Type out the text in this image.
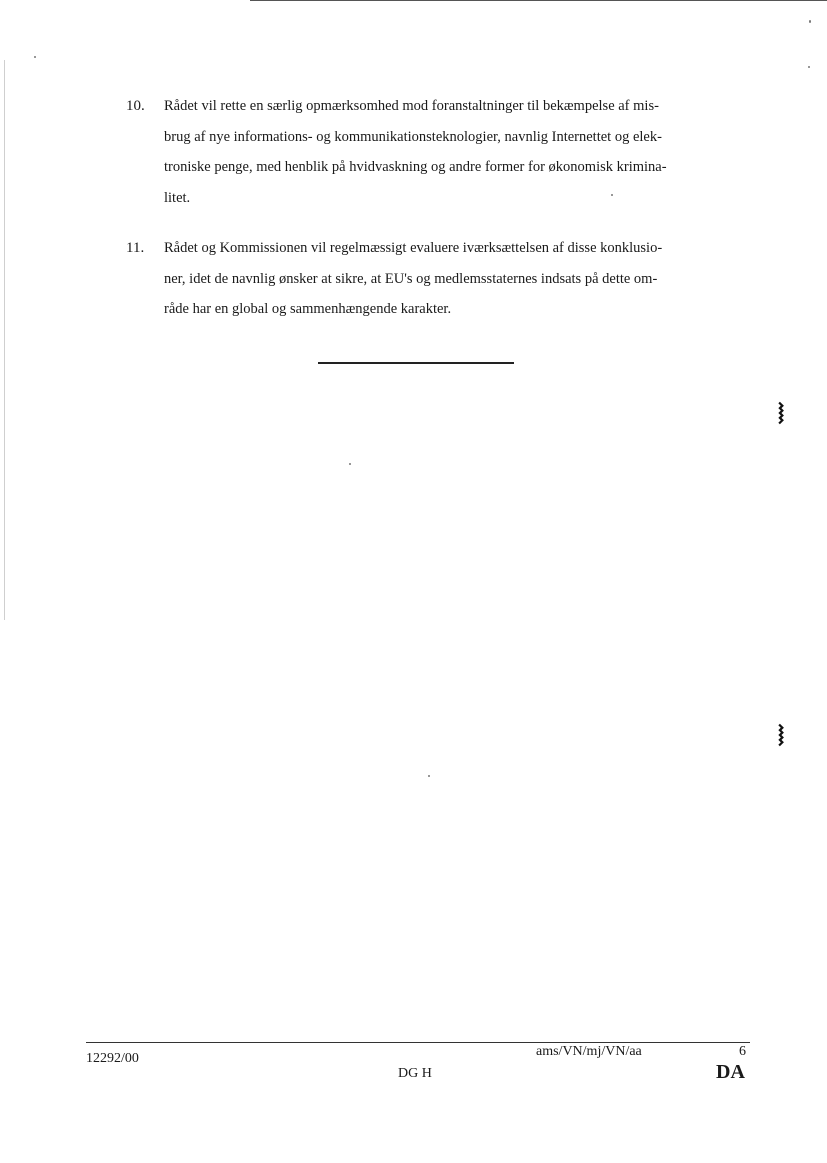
10. Rådet vil rette en særlig opmærksomhed mod foranstaltninger til bekæmpelse af mis-
brug af nye informations- og kommunikationsteknologier, navnlig Internettet og elek-
troniske penge, med henblik på hvidvaskning og andre former for økonomisk krimina-
litet.
11. Rådet og Kommissionen vil regelmæssigt evaluere iværksættelsen af disse konklusio-
ner, idet de navnlig ønsker at sikre, at EU's og medlemsstaternes indsats på dette om-
råde har en global og sammenhængende karakter.
⧘
⧘
12292/00
DG H
ams/VN/mj/VN/aa	6
DA
